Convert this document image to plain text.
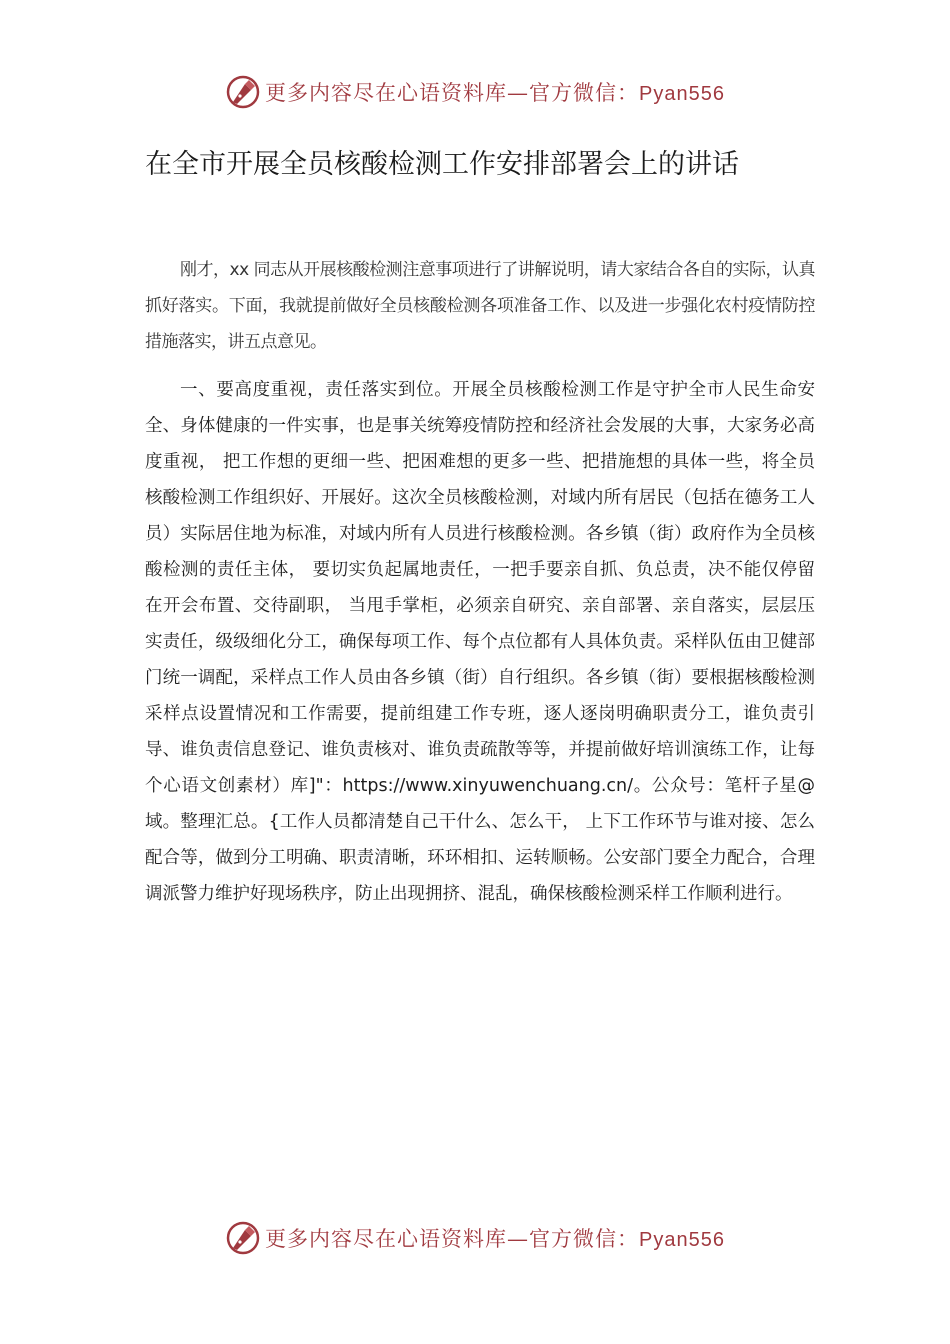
更多内容尽在心语资料库—官方微信：Pyan556
在全市开展全员核酸检测工作安排部署会上的讲话

刚才，xx 同志从开展核酸检测注意事项进行了讲解说明，请大家结合各自的实际，认真抓好落实。下面，我就提前做好全员核酸检测各项准备工作、以及进一步强化农村疫情防控措施落实，讲五点意见。

一、要高度重视，责任落实到位。开展全员核酸检测工作是守护全市人民生命安全、身体健康的一件实事，也是事关统筹疫情防控和经济社会发展的大事，大家务必高度重视， 把工作想的更细一些、把困难想的更多一些、把措施想的具体一些，将全员核酸检测工作组织好、开展好。这次全员核酸检测，对域内所有居民（包括在德务工人员）实际居住地为标准，对域内所有人员进行核酸检测。各乡镇（街）政府作为全员核酸检测的责任主体， 要切实负起属地责任，一把手要亲自抓、负总责，决不能仅停留在开会布置、交待副职， 当甩手掌柜，必须亲自研究、亲自部署、亲自落实，层层压实责任，级级细化分工，确保每项工作、每个点位都有人具体负责。采样队伍由卫健部门统一调配，采样点工作人员由各乡镇（街）自行组织。各乡镇（街）要根据核酸检测采样点设置情况和工作需要，提前组建工作专班，逐人逐岗明确职责分工，谁负责引导、谁负责信息登记、谁负责核对、谁负责疏散等等，并提前做好培训演练工作，让每个心语文创素材）库]"：https://www.xinyuwenchuang.cn/。公众号：笔杆子星@域。整理汇总。{工作人员都清楚自己干什么、怎么干， 上下工作环节与谁对接、怎么配合等，做到分工明确、职责清晰，环环相扣、运转顺畅。公安部门要全力配合，合理调派警力维护好现场秩序，防止出现拥挤、混乱，确保核酸检测采样工作顺利进行。

更多内容尽在心语资料库—官方微信：Pyan556
